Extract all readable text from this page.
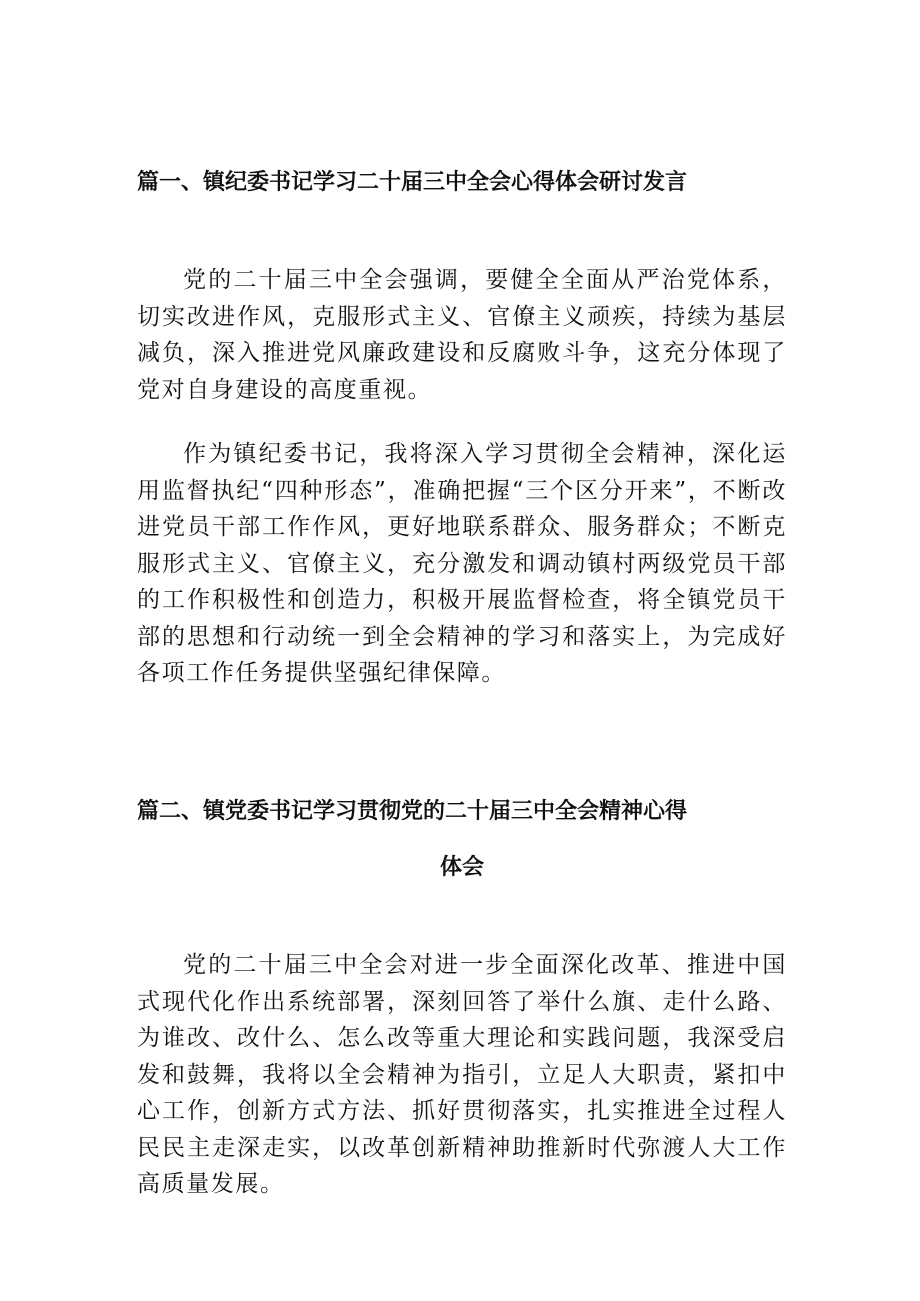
篇一、镇纪委书记学习二十届三中全会心得体会研讨发言

党的二十届三中全会强调，要健全全面从严治党体系，切实改进作风，克服形式主义、官僚主义顽疾，持续为基层减负，深入推进党风廉政建设和反腐败斗争，这充分体现了党对自身建设的高度重视。

作为镇纪委书记，我将深入学习贯彻全会精神，深化运用监督执纪“四种形态”，准确把握“三个区分开来”，不断改进党员干部工作作风，更好地联系群众、服务群众；不断克服形式主义、官僚主义，充分激发和调动镇村两级党员干部的工作积极性和创造力，积极开展监督检查，将全镇党员干部的思想和行动统一到全会精神的学习和落实上，为完成好各项工作任务提供坚强纪律保障。

篇二、镇党委书记学习贯彻党的二十届三中全会精神心得
体会

党的二十届三中全会对进一步全面深化改革、推进中国式现代化作出系统部署，深刻回答了举什么旗、走什么路、为谁改、改什么、怎么改等重大理论和实践问题，我深受启发和鼓舞，我将以全会精神为指引，立足人大职责，紧扣中心工作，创新方式方法、抓好贯彻落实，扎实推进全过程人民民主走深走实，以改革创新精神助推新时代弥渡人大工作高质量发展。
